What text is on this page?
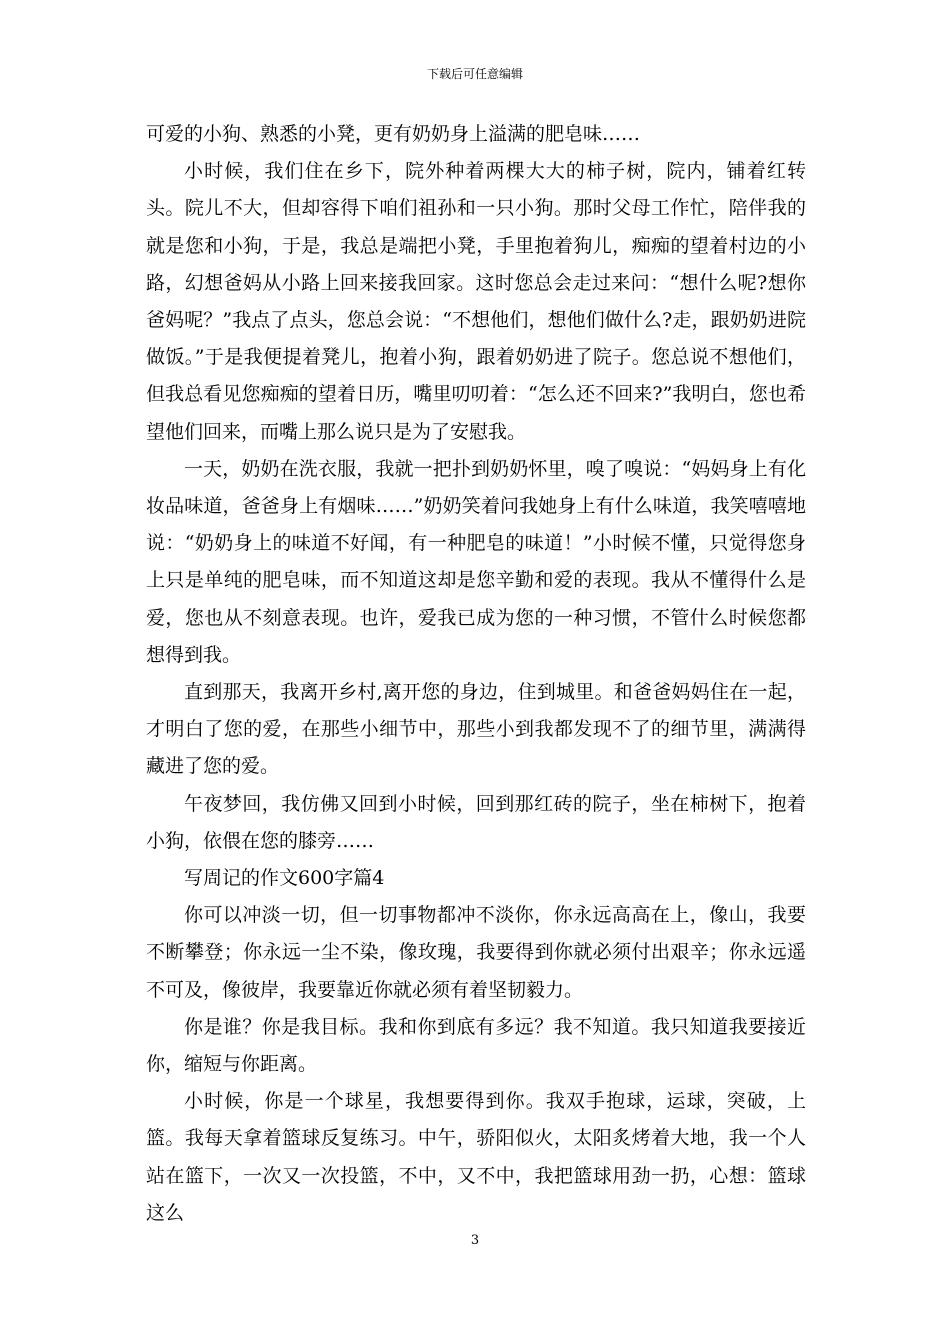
下载后可任意编辑

可爱的小狗、熟悉的小凳，更有奶奶身上溢满的肥皂味……

小时候，我们住在乡下，院外种着两棵大大的柿子树，院内，铺着红转头。院儿不大，但却容得下咱们祖孙和一只小狗。那时父母工作忙，陪伴我的就是您和小狗，于是，我总是端把小凳，手里抱着狗儿，痴痴的望着村边的小路，幻想爸妈从小路上回来接我回家。这时您总会走过来问：“想什么呢?想你爸妈呢？”我点了点头，您总会说：“不想他们，想他们做什么?走，跟奶奶进院做饭。”于是我便提着凳儿，抱着小狗，跟着奶奶进了院子。您总说不想他们，但我总看见您痴痴的望着日历，嘴里叨叨着：“怎么还不回来?”我明白，您也希望他们回来，而嘴上那么说只是为了安慰我。

一天，奶奶在洗衣服，我就一把扑到奶奶怀里，嗅了嗅说：“妈妈身上有化妆品味道，爸爸身上有烟味……”奶奶笑着问我她身上有什么味道，我笑嘻嘻地说：“奶奶身上的味道不好闻，有一种肥皂的味道！”小时候不懂，只觉得您身上只是单纯的肥皂味，而不知道这却是您辛勤和爱的表现。我从不懂得什么是爱，您也从不刻意表现。也许，爱我已成为您的一种习惯，不管什么时候您都想得到我。

直到那天，我离开乡村,离开您的身边，住到城里。和爸爸妈妈住在一起，才明白了您的爱，在那些小细节中，那些小到我都发现不了的细节里，满满得藏进了您的爱。

午夜梦回，我仿佛又回到小时候，回到那红砖的院子，坐在柿树下，抱着小狗，依偎在您的膝旁……

写周记的作文600字篇4

你可以冲淡一切，但一切事物都冲不淡你，你永远高高在上，像山，我要不断攀登；你永远一尘不染，像玫瑰，我要得到你就必须付出艰辛；你永远遥不可及，像彼岸，我要靠近你就必须有着坚韧毅力。

你是谁？你是我目标。我和你到底有多远？我不知道。我只知道我要接近你，缩短与你距离。

小时候，你是一个球星，我想要得到你。我双手抱球，运球，突破，上篮。我每天拿着篮球反复练习。中午，骄阳似火，太阳炙烤着大地，我一个人站在篮下，一次又一次投篮，不中，又不中，我把篮球用劲一扔，心想：篮球这么

3
